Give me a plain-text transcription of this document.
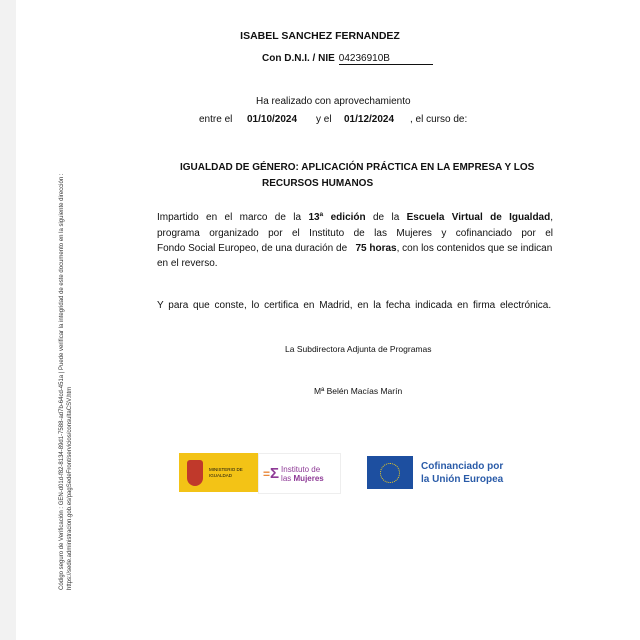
ISABEL SANCHEZ FERNANDEZ
Con D.N.I. / NIE 04236910B
Ha realizado con aprovechamiento
entre el 01/10/2024 y el 01/12/2024 , el curso de:
IGUALDAD DE GÉNERO: APLICACIÓN PRÁCTICA EN LA EMPRESA Y LOS
RECURSOS HUMANOS
Impartido en el marco de la 13ª edición de la Escuela Virtual de Igualdad,
programa organizado por el Instituto de las Mujeres y cofinanciado por el
Fondo Social Europeo, de una duración de 75 horas, con los contenidos que se indican
en el reverso.
Y para que conste, lo certifica en Madrid, en la fecha indicada en firma electrónica.
La Subdirectora Adjunta de Programas
Mª Belén Macías Marín
Código seguro de Verificación : GEN-d01d-f82-8134-89d1-7588-ad7b-64cd-451a | Puede verificar la integridad de este documento en la siguiente dirección : https://sede.administracion.gob.es/pagSedeFront/servicios/consultaCSV.htm	MINISTERIO DE IGUALDAD	= Σ Instituto de
las Mujeres
Cofinanciado por
la Unión Europea
